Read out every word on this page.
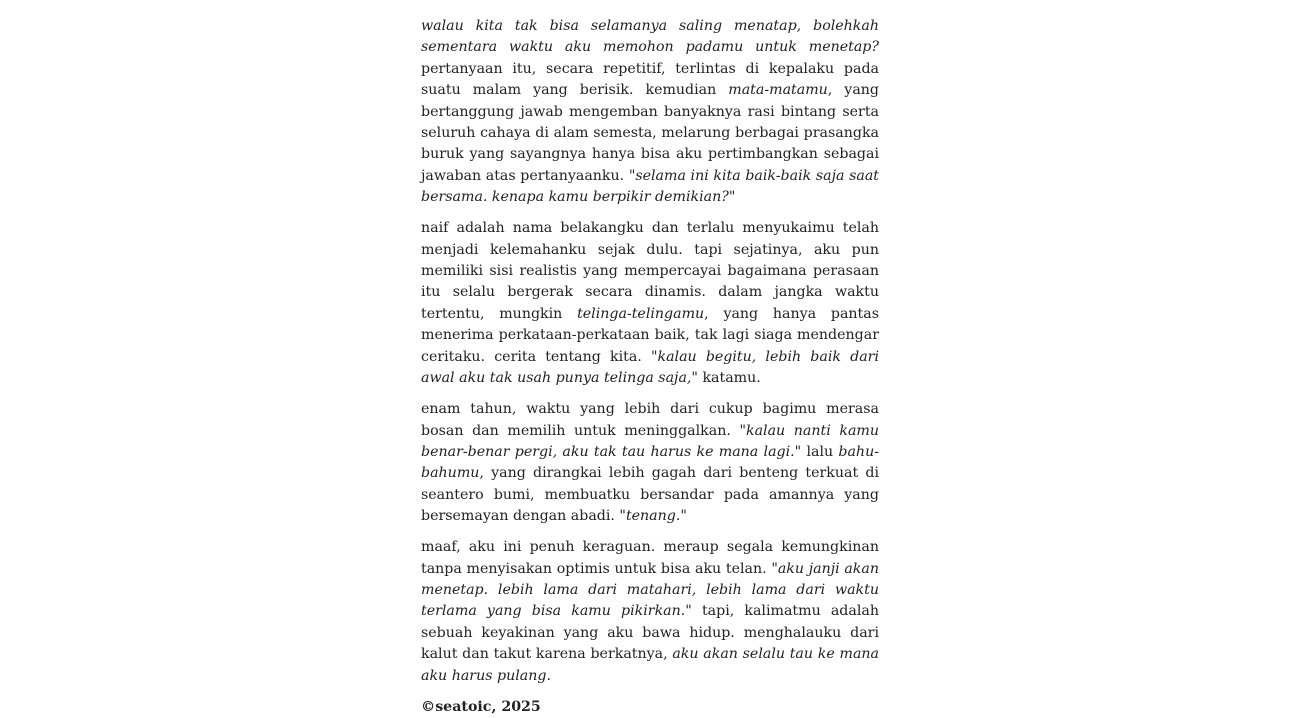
walau kita tak bisa selamanya saling menatap, bolehkah sementara waktu aku memohon padamu untuk menetap? pertanyaan itu, secara repetitif, terlintas di kepalaku pada suatu malam yang berisik. kemudian mata-matamu, yang bertanggung jawab mengemban banyaknya rasi bintang serta seluruh cahaya di alam semesta, melarung berbagai prasangka buruk yang sayangnya hanya bisa aku pertimbangkan sebagai jawaban atas pertanyaanku. "selama ini kita baik-baik saja saat bersama. kenapa kamu berpikir demikian?"

naif adalah nama belakangku dan terlalu menyukaimu telah menjadi kelemahanku sejak dulu. tapi sejatinya, aku pun memiliki sisi realistis yang mempercayai bagaimana perasaan itu selalu bergerak secara dinamis. dalam jangka waktu tertentu, mungkin telinga-telingamu, yang hanya pantas menerima perkataan-perkataan baik, tak lagi siaga mendengar ceritaku. cerita tentang kita. "kalau begitu, lebih baik dari awal aku tak usah punya telinga saja," katamu.

enam tahun, waktu yang lebih dari cukup bagimu merasa bosan dan memilih untuk meninggalkan. "kalau nanti kamu benar-benar pergi, aku tak tau harus ke mana lagi." lalu bahu-bahumu, yang dirangkai lebih gagah dari benteng terkuat di seantero bumi, membuatku bersandar pada amannya yang bersemayan dengan abadi. "tenang."

maaf, aku ini penuh keraguan. meraup segala kemungkinan tanpa menyisakan optimis untuk bisa aku telan. "aku janji akan menetap. lebih lama dari matahari, lebih lama dari waktu terlama yang bisa kamu pikirkan." tapi, kalimatmu adalah sebuah keyakinan yang aku bawa hidup. menghalauku dari kalut dan takut karena berkatnya, aku akan selalu tau ke mana aku harus pulang.

©seatoic, 2025
